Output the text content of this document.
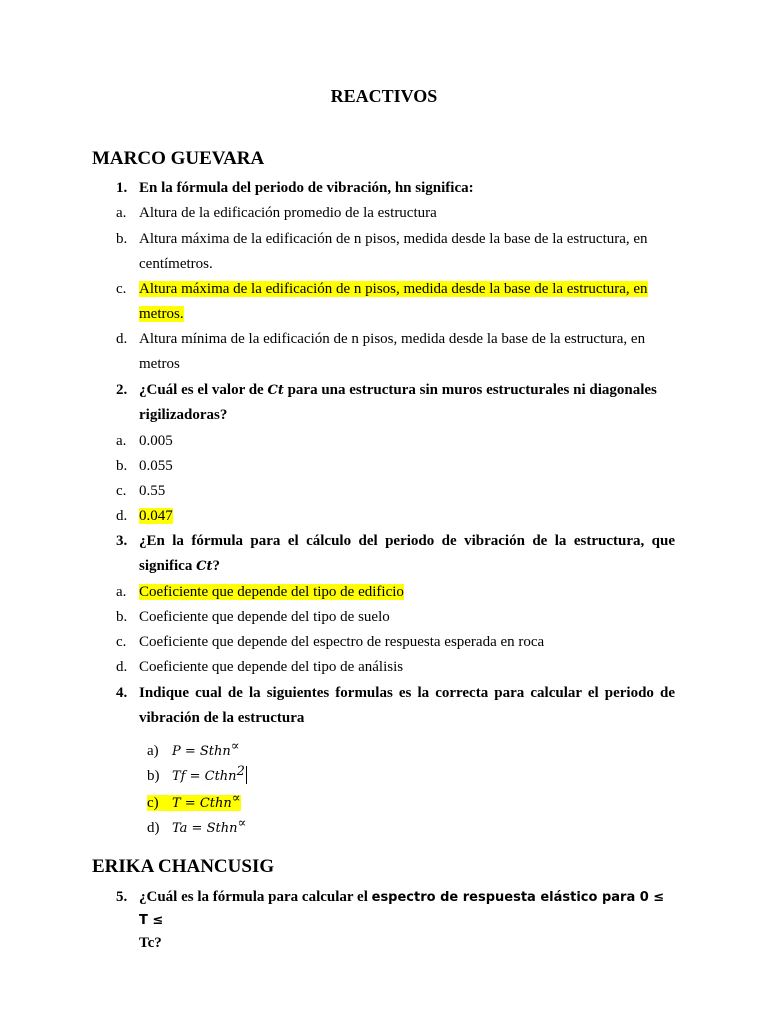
REACTIVOS
MARCO GUEVARA
1. En la fórmula del periodo de vibración, hn significa:
a. Altura de la edificación promedio de la estructura
b. Altura máxima de la edificación de n pisos, medida desde la base de la estructura, en
centímetros.
c. Altura máxima de la edificación de n pisos, medida desde la base de la estructura, en
metros.
d. Altura mínima de la edificación de n pisos, medida desde la base de la estructura, en
metros
2. ¿Cuál es el valor de Ct para una estructura sin muros estructurales ni diagonales
rigilizadoras?
a. 0.005
b. 0.055
c. 0.55
d. 0.047
3. ¿En la fórmula para el cálculo del periodo de vibración de la estructura, que
significa Ct?
a. Coeficiente que depende del tipo de edificio
b. Coeficiente que depende del tipo de suelo
c. Coeficiente que depende del espectro de respuesta esperada en roca
d. Coeficiente que depende del tipo de análisis
4. Indique cual de la siguientes formulas es la correcta para calcular el periodo de
vibración de la estructura
a) P = Sthn∝
b) Tf = Cthn$^2$
c) T = Cthn∝
d) Ta = Sthn∝
ERIKA CHANCUSIG
5. ¿Cuál es la fórmula para calcular el espectro de respuesta elástico para 0 ≤ T ≤
Tc?
